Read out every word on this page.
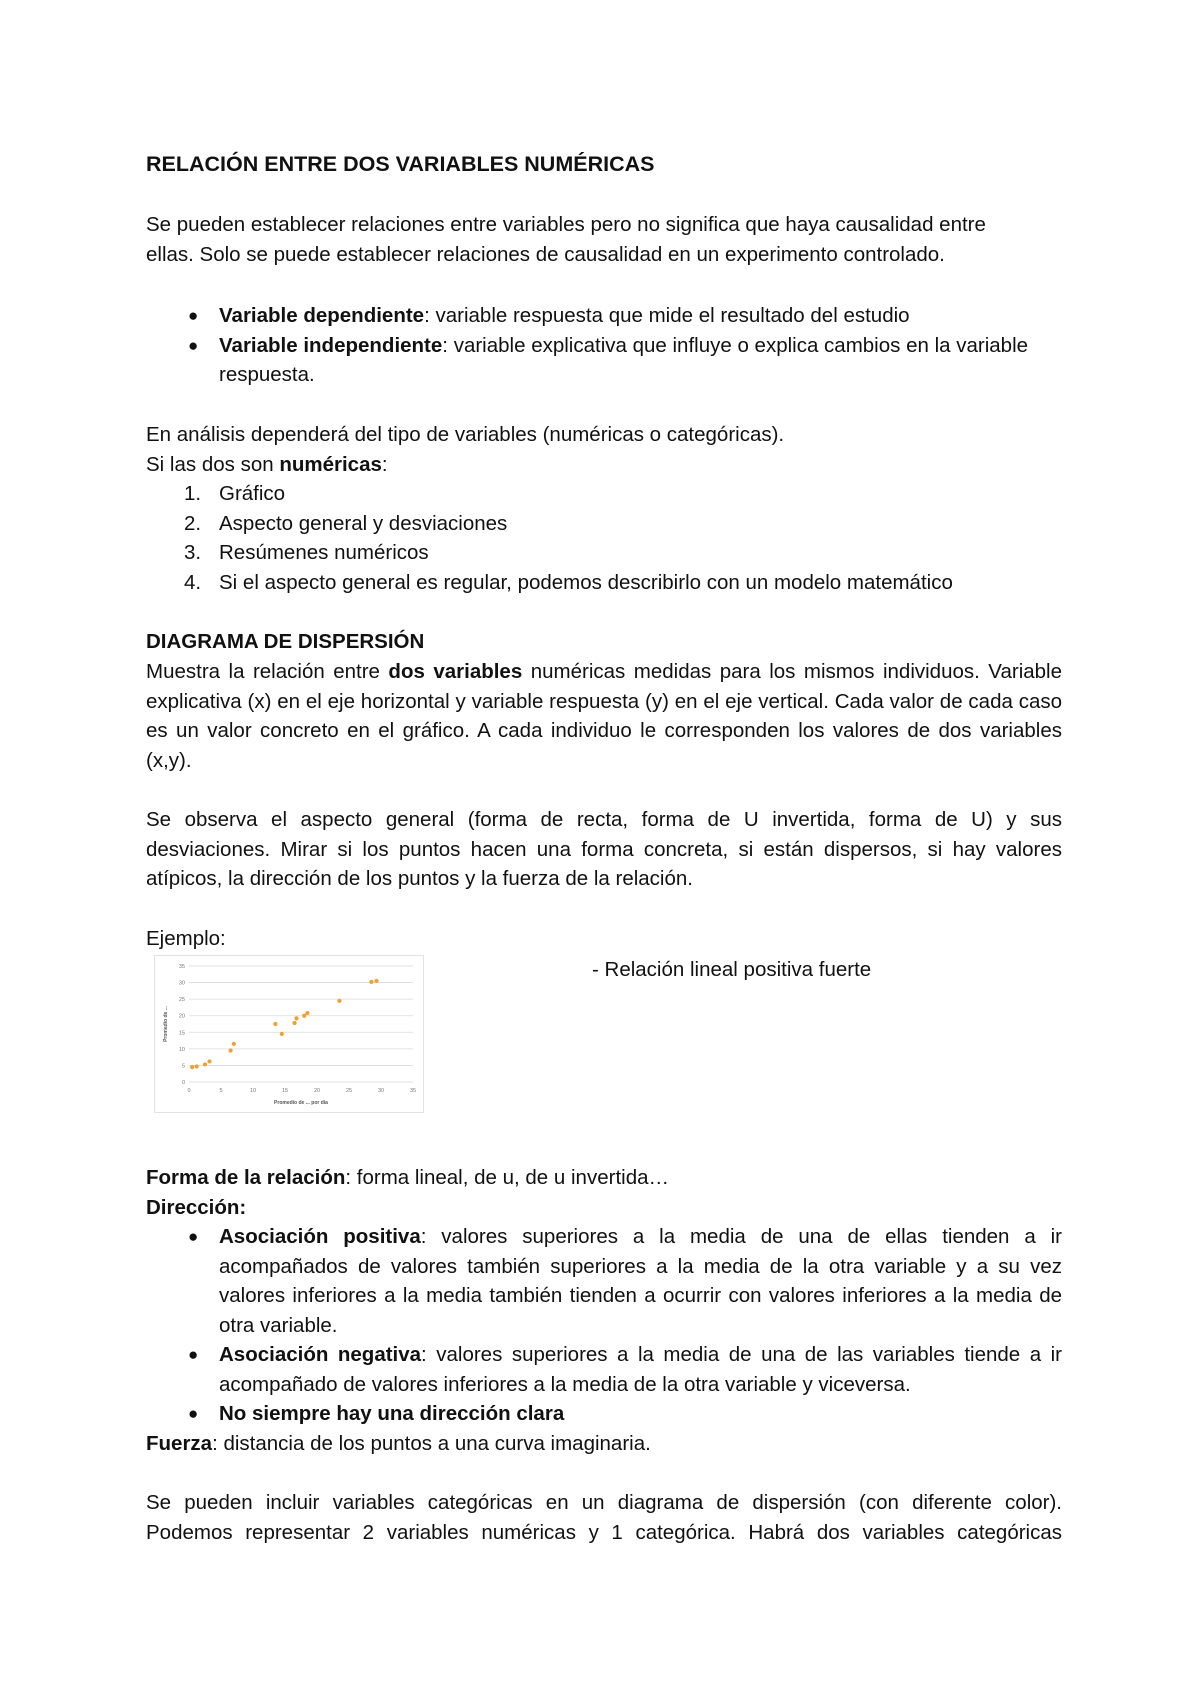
RELACIÓN ENTRE DOS VARIABLES NUMÉRICAS

Se pueden establecer relaciones entre variables pero no significa que haya causalidad entre

ellas. Solo se puede establecer relaciones de causalidad en un experimento controlado.

● Variable dependiente: variable respuesta que mide el resultado del estudio
● Variable independiente: variable explicativa que influye o explica cambios en la variable respuesta.

En análisis dependerá del tipo de variables (numéricas o categóricas).

Si las dos son numéricas:

1. Gráfico
2. Aspecto general y desviaciones
3. Resúmenes numéricos
4. Si el aspecto general es regular, podemos describirlo con un modelo matemático

DIAGRAMA DE DISPERSIÓN

Muestra la relación entre dos variables numéricas medidas para los mismos individuos. Variable explicativa (x) en el eje horizontal y variable respuesta (y) en el eje vertical. Cada valor de cada caso es un valor concreto en el gráfico. A cada individuo le corresponden los valores de dos variables (x,y).

Se observa el aspecto general (forma de recta, forma de U invertida, forma de U) y sus desviaciones. Mirar si los puntos hacen una forma concreta, si están dispersos, si hay valores atípicos, la dirección de los puntos y la fuerza de la relación.

Ejemplo:

- Relación lineal positiva fuerte

Forma de la relación: forma lineal, de u, de u invertida…

Dirección:

● Asociación positiva: valores superiores a la media de una de ellas tienden a ir acompañados de valores también superiores a la media de la otra variable y a su vez valores inferiores a la media también tienden a ocurrir con valores inferiores a la media de otra variable.
● Asociación negativa: valores superiores a la media de una de las variables tiende a ir acompañado de valores inferiores a la media de la otra variable y viceversa.
● No siempre hay una dirección clara

Fuerza: distancia de los puntos a una curva imaginaria.

Se pueden incluir variables categóricas en un diagrama de dispersión (con diferente color).

Podemos representar 2 variables numéricas y 1 categórica. Habrá dos variables categóricas

0
5
10
15
20
25
30
35
0	5	10	15	20	25	30	35
Promedio de ... por día
Promedio de ...
